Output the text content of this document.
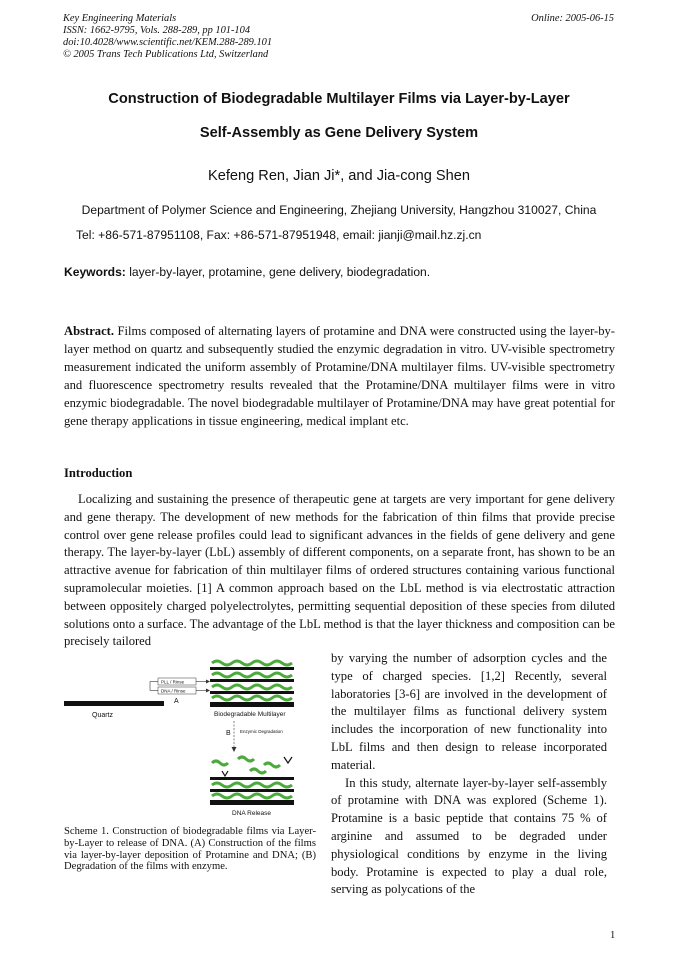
Key Engineering Materials
ISSN: 1662-9795, Vols. 288-289, pp 101-104
doi:10.4028/www.scientific.net/KEM.288-289.101
© 2005 Trans Tech Publications Ltd, Switzerland
Online: 2005-06-15
Construction of Biodegradable Multilayer Films via Layer-by-Layer
Self-Assembly as Gene Delivery System
Kefeng Ren, Jian Ji*, and Jia-cong Shen
Department of Polymer Science and Engineering, Zhejiang University, Hangzhou 310027, China
Tel: +86-571-87951108, Fax: +86-571-87951948, email: jianji@mail.hz.zj.cn
Keywords: layer-by-layer, protamine, gene delivery, biodegradation.
Abstract. Films composed of alternating layers of protamine and DNA were constructed using the layer-by-layer method on quartz and subsequently studied the enzymic degradation in vitro. UV-visible spectrometry measurement indicated the uniform assembly of Protamine/DNA multilayer films. UV-visible spectrometry and fluorescence spectrometry results revealed that the Protamine/DNA multilayer films were in vitro enzymic biodegradable. The novel biodegradable multilayer of Protamine/DNA may have great potential for gene therapy applications in tissue engineering, medical implant etc.
Introduction
Localizing and sustaining the presence of therapeutic gene at targets are very important for gene delivery and gene therapy. The development of new methods for the fabrication of thin films that provide precise control over gene release profiles could lead to significant advances in the fields of gene delivery and gene therapy. The layer-by-layer (LbL) assembly of different components, on a separate front, has shown to be an attractive avenue for fabrication of thin multilayer films of ordered structures containing various functional supramolecular moieties. [1] A common approach based on the LbL method is via electrostatic attraction between oppositely charged polyelectrolytes, permitting sequential deposition of these species from diluted solutions onto a surface. The advantage of the LbL method is that the layer thickness and composition can be precisely tailored
Quartz
PLL / Rinse
DNA / Rinse
A
Biodegradable Multilayer
B Enzymic Degradation
DNA Release
Scheme 1. Construction of biodegradable films via Layer-by-Layer to release of DNA. (A) Construction of the films via layer-by-layer deposition of Protamine and DNA; (B) Degradation of the films with enzyme.

by varying the number of adsorption cycles and the type of charged species. [1,2] Recently, several laboratories [3-6] are involved in the development of the multilayer films as functional delivery system includes the incorporation of new functionality into LbL films and then design to release incorporated material.

In this study, alternate layer-by-layer self-assembly of protamine with DNA was explored (Scheme 1). Protamine is a basic peptide that contains 75 % of arginine and assumed to be degraded under physiological conditions by enzyme in the living body. Protamine is expected to play a dual role, serving as polycations of the

1
